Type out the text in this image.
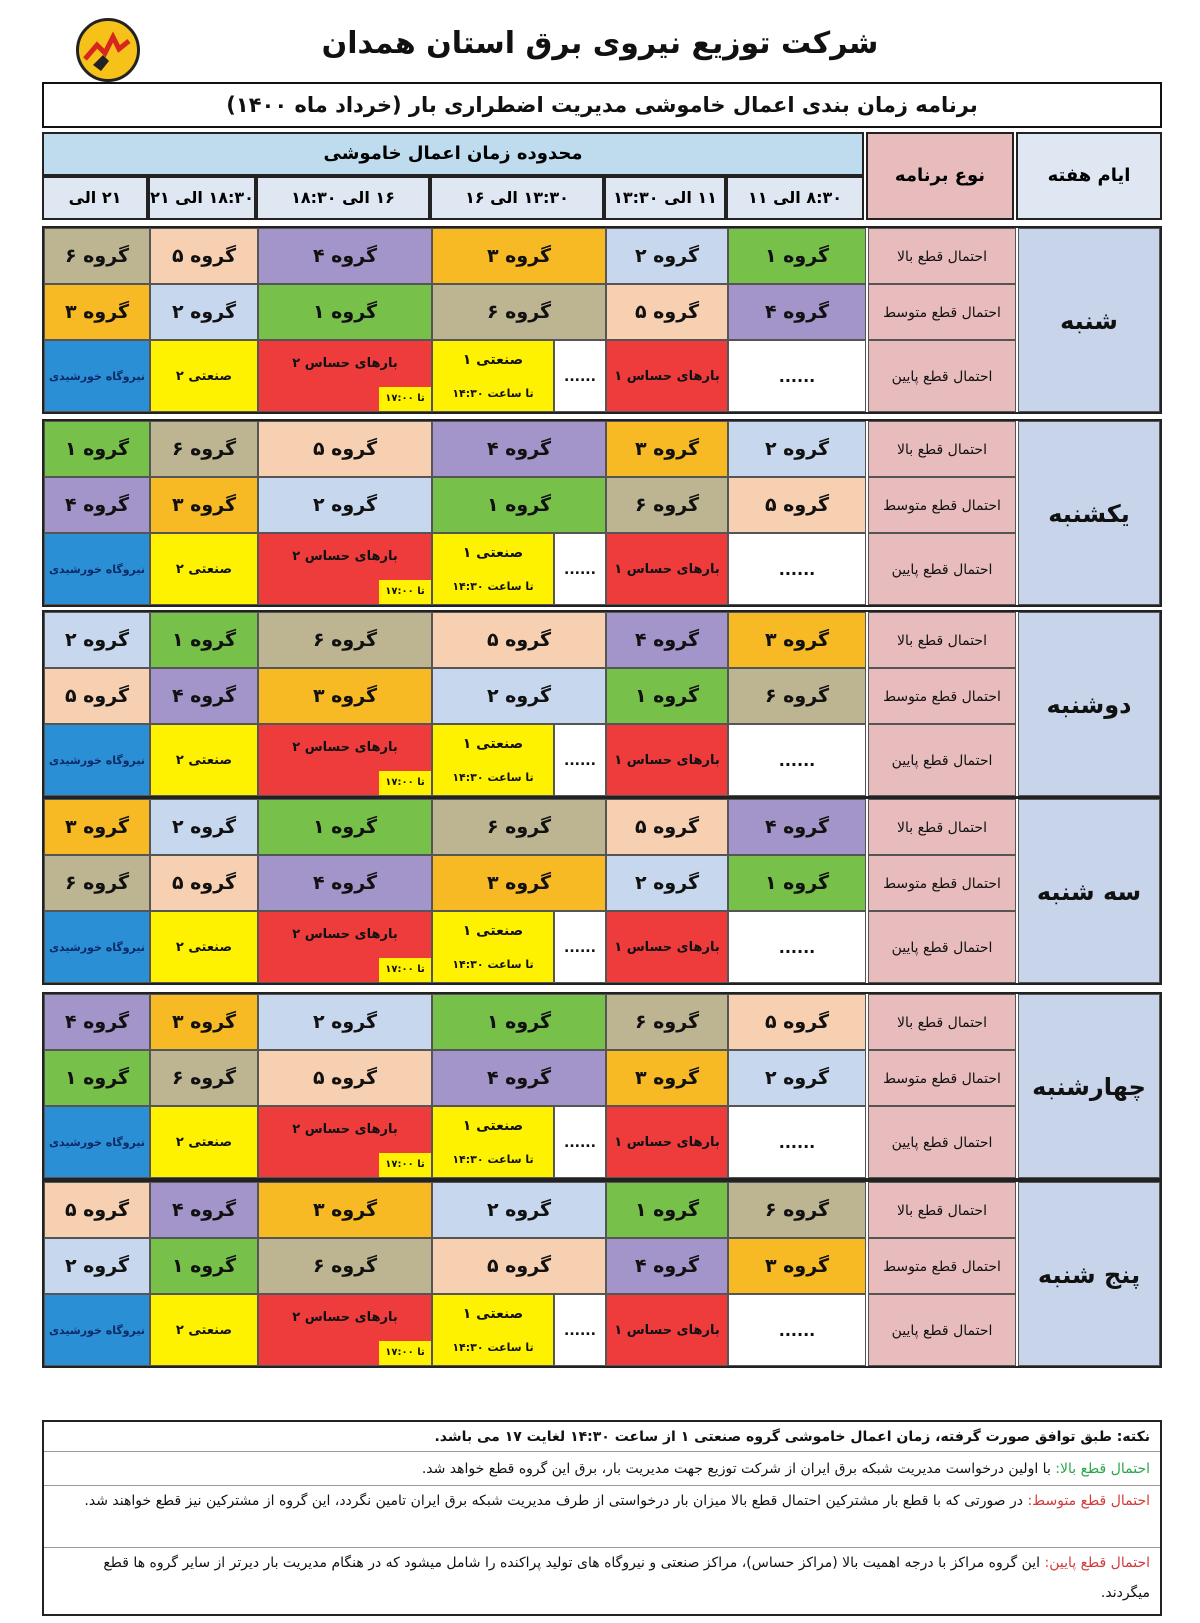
شرکت توزیع نیروی برق استان همدان
برنامه زمان بندی اعمال خاموشی مدیریت اضطراری بار (خرداد ماه ۱۴۰۰)
محدوده زمان اعمال خاموشی
نوع برنامه	ایام هفته
۸:۳۰ الی ۱۱
۱۱ الی ۱۳:۳۰
۱۳:۳۰ الی ۱۶
۱۶ الی ۱۸:۳۰
۱۸:۳۰ الی ۲۱
۲۱ الی
شنبه
احتمال قطع بالا
احتمال قطع متوسط
احتمال قطع پایین
گروه ۱
گروه ۲
گروه ۳
گروه ۴
گروه ۵
گروه ۶
گروه ۴
گروه ۵
گروه ۶
گروه ۱
گروه ۲
گروه ۳
......
بارهای حساس ۱
......
صنعتی ۱
تا ساعت ۱۴:۳۰
بارهای حساس ۲
۱۷:۰۰ تا
صنعتی ۲
نیروگاه خورشیدی
یکشنبه
احتمال قطع بالا
احتمال قطع متوسط
احتمال قطع پایین
گروه ۲
گروه ۳
گروه ۴
گروه ۵
گروه ۶
گروه ۱
گروه ۵
گروه ۶
گروه ۱
گروه ۲
گروه ۳
گروه ۴
......
بارهای حساس ۱
......
صنعتی ۱
تا ساعت ۱۴:۳۰
بارهای حساس ۲
۱۷:۰۰ تا
صنعتی ۲
نیروگاه خورشیدی
دوشنبه
احتمال قطع بالا
احتمال قطع متوسط
احتمال قطع پایین
گروه ۳
گروه ۴
گروه ۵
گروه ۶
گروه ۱
گروه ۲
گروه ۶
گروه ۱
گروه ۲
گروه ۳
گروه ۴
گروه ۵
......
بارهای حساس ۱
......
صنعتی ۱
تا ساعت ۱۴:۳۰
بارهای حساس ۲
۱۷:۰۰ تا
صنعتی ۲
نیروگاه خورشیدی
سه شنبه
احتمال قطع بالا
احتمال قطع متوسط
احتمال قطع پایین
گروه ۴
گروه ۵
گروه ۶
گروه ۱
گروه ۲
گروه ۳
گروه ۱
گروه ۲
گروه ۳
گروه ۴
گروه ۵
گروه ۶
......
بارهای حساس ۱
......
صنعتی ۱
تا ساعت ۱۴:۳۰
بارهای حساس ۲
۱۷:۰۰ تا
صنعتی ۲
نیروگاه خورشیدی
چهارشنبه
احتمال قطع بالا
احتمال قطع متوسط
احتمال قطع پایین
گروه ۵
گروه ۶
گروه ۱
گروه ۲
گروه ۳
گروه ۴
گروه ۲
گروه ۳
گروه ۴
گروه ۵
گروه ۶
گروه ۱
......
بارهای حساس ۱
......
صنعتی ۱
تا ساعت ۱۴:۳۰
بارهای حساس ۲
۱۷:۰۰ تا
صنعتی ۲
نیروگاه خورشیدی
پنج شنبه
احتمال قطع بالا
احتمال قطع متوسط
احتمال قطع پایین
گروه ۶
گروه ۱
گروه ۲
گروه ۳
گروه ۴
گروه ۵
گروه ۳
گروه ۴
گروه ۵
گروه ۶
گروه ۱
گروه ۲
......
بارهای حساس ۱
......
صنعتی ۱
تا ساعت ۱۴:۳۰
بارهای حساس ۲
۱۷:۰۰ تا
صنعتی ۲
نیروگاه خورشیدی
نکته: طبق توافق صورت گرفته، زمان اعمال خاموشی گروه صنعتی ۱ از ساعت ۱۴:۳۰ لغایت ۱۷ می باشد.
احتمال قطع بالا: با اولین درخواست مدیریت شبکه برق ایران از شرکت توزیع جهت مدیریت بار، برق این گروه قطع خواهد شد.
احتمال قطع متوسط: در صورتی که با قطع بار مشترکین احتمال قطع بالا میزان بار درخواستی از طرف مدیریت شبکه برق ایران تامین نگردد، این گروه از مشترکین نیز قطع خواهند شد.
احتمال قطع پایین: این گروه مراکز با درجه اهمیت بالا (مراکز حساس)، مراکز صنعتی و نیروگاه های تولید پراکنده را شامل میشود که در هنگام مدیریت بار دیرتر از سایر گروه ها قطع میگردند.
